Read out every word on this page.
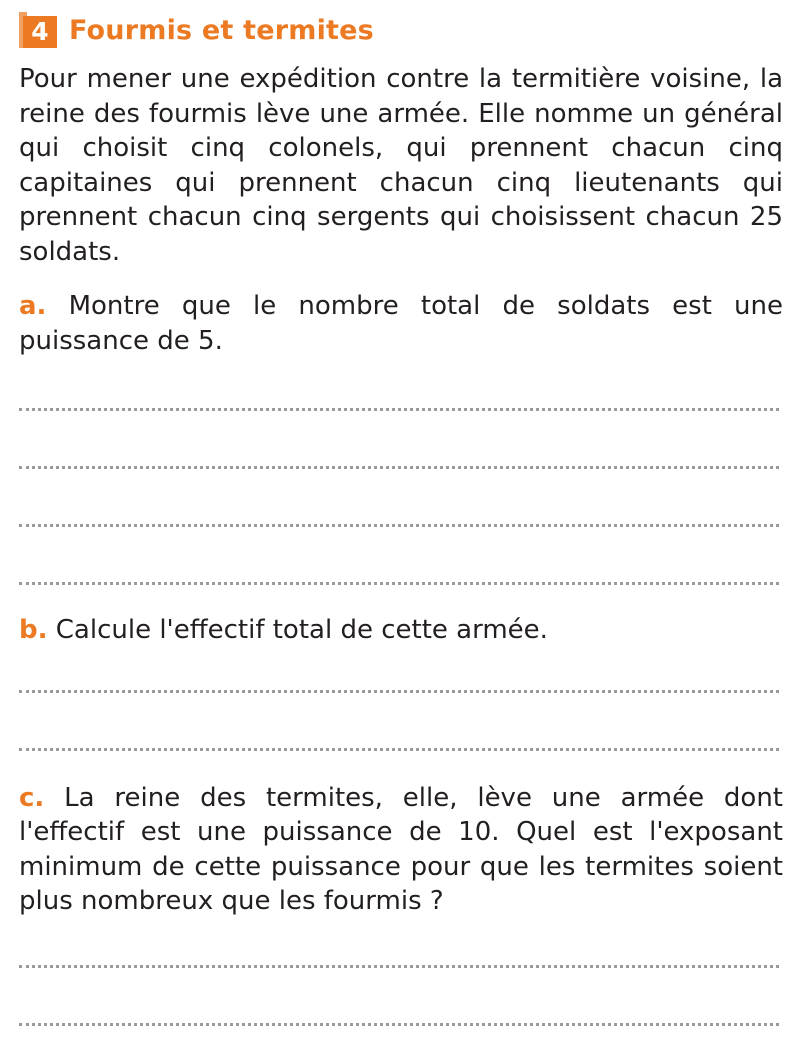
4 Fourmis et termites

Pour mener une expédition contre la termitière voisine, la reine des fourmis lève une armée. Elle nomme un général qui choisit cinq colonels, qui prennent chacun cinq capitaines qui prennent chacun cinq lieutenants qui prennent chacun cinq sergents qui choisissent chacun 25 soldats.

a. Montre que le nombre total de soldats est une puissance de 5.

b. Calcule l'effectif total de cette armée.

c. La reine des termites, elle, lève une armée dont l'effectif est une puissance de 10. Quel est l'exposant minimum de cette puissance pour que les termites soient plus nombreux que les fourmis ?
